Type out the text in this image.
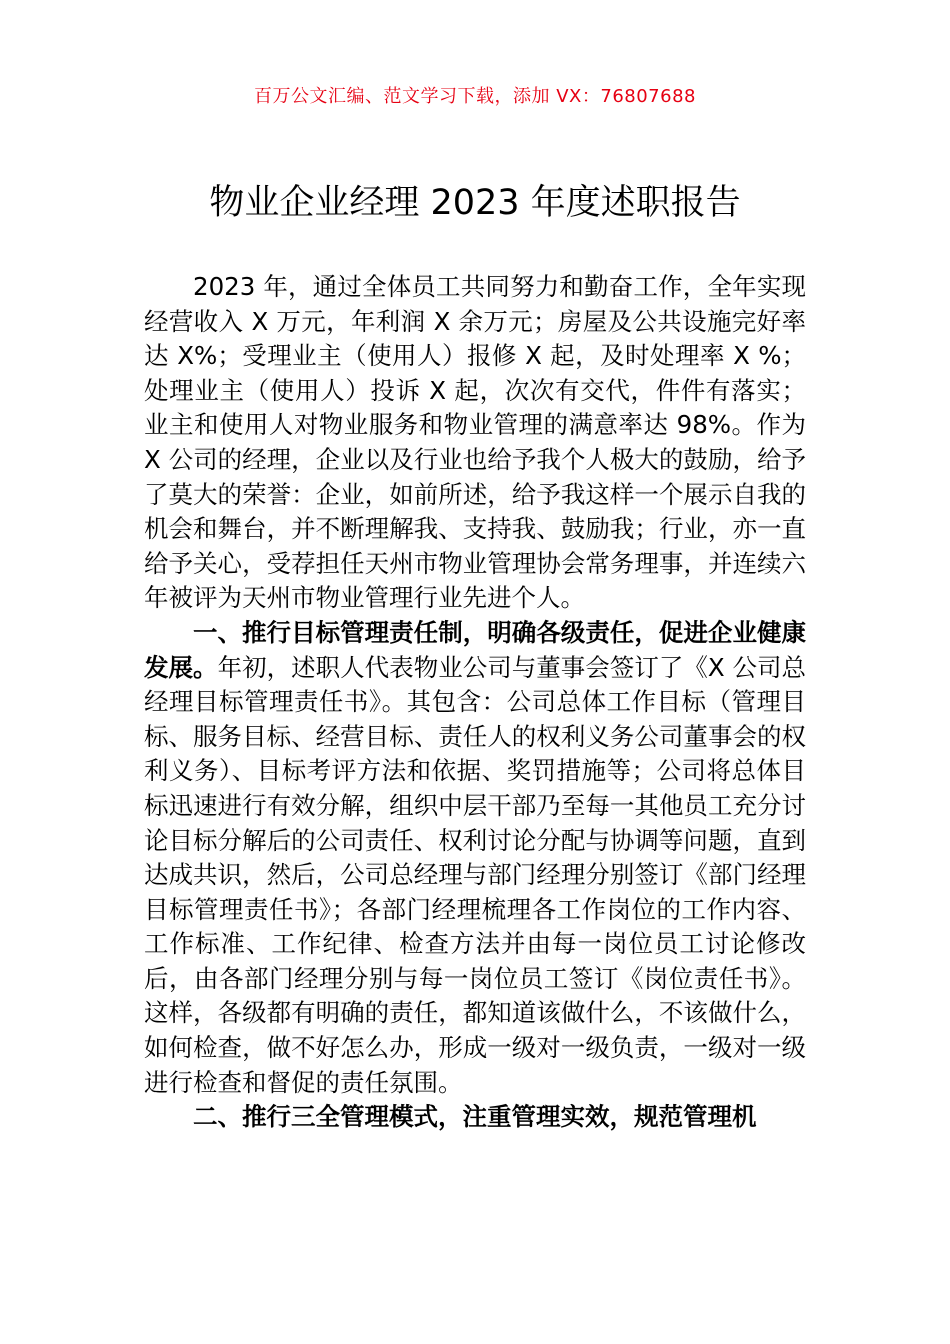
百万公文汇编、范文学习下载，添加 VX：76807688
物业企业经理 2023 年度述职报告

2023 年，通过全体员工共同努力和勤奋工作，全年实现经营收入 X 万元，年利润 X 余万元；房屋及公共设施完好率达 X%；受理业主（使用人）报修 X 起，及时处理率 X %；处理业主（使用人）投诉 X 起，次次有交代，件件有落实；业主和使用人对物业服务和物业管理的满意率达 98%。作为 X 公司的经理，企业以及行业也给予我个人极大的鼓励，给予了莫大的荣誉：企业，如前所述，给予我这样一个展示自我的机会和舞台，并不断理解我、支持我、鼓励我；行业，亦一直给予关心，受荐担任天州市物业管理协会常务理事，并连续六年被评为天州市物业管理行业先进个人。

一、推行目标管理责任制，明确各级责任，促进企业健康发展。年初，述职人代表物业公司与董事会签订了《X 公司总经理目标管理责任书》。其包含：公司总体工作目标（管理目标、服务目标、经营目标、责任人的权利义务公司董事会的权利义务）、目标考评方法和依据、奖罚措施等；公司将总体目标迅速进行有效分解，组织中层干部乃至每一其他员工充分讨论目标分解后的公司责任、权利讨论分配与协调等问题，直到达成共识，然后，公司总经理与部门经理分别签订《部门经理目标管理责任书》；各部门经理梳理各工作岗位的工作内容、工作标准、工作纪律、检查方法并由每一岗位员工讨论修改后，由各部门经理分别与每一岗位员工签订《岗位责任书》。这样，各级都有明确的责任，都知道该做什么，不该做什么，如何检查，做不好怎么办，形成一级对一级负责，一级对一级进行检查和督促的责任氛围。

二、推行三全管理模式，注重管理实效，规范管理机
